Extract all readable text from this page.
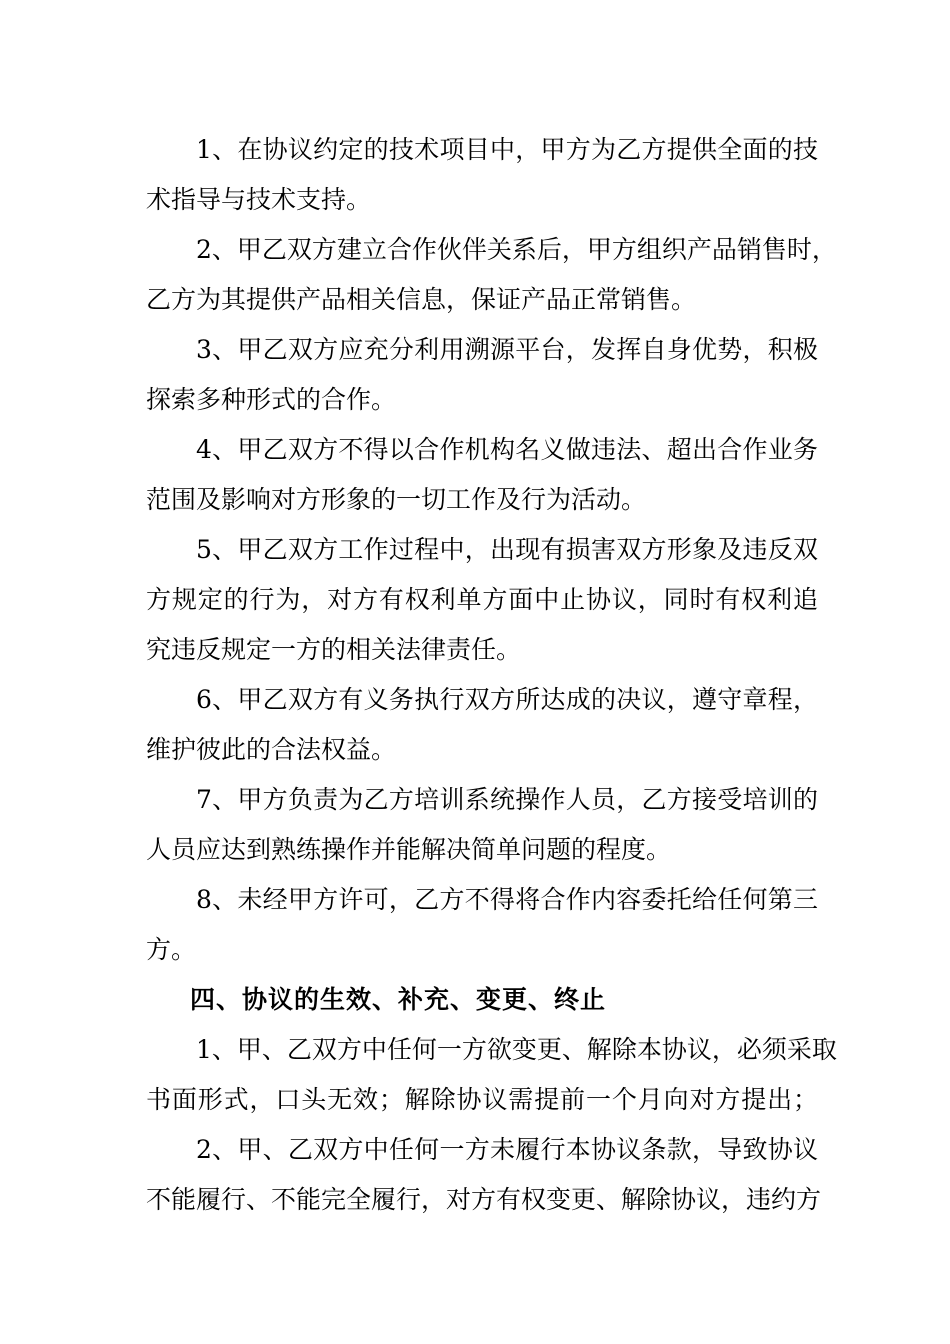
1、在协议约定的技术项目中，甲方为乙方提供全面的技
术指导与技术支持。
2、甲乙双方建立合作伙伴关系后，甲方组织产品销售时，
乙方为其提供产品相关信息，保证产品正常销售。
3、甲乙双方应充分利用溯源平台，发挥自身优势，积极
探索多种形式的合作。
4、甲乙双方不得以合作机构名义做违法、超出合作业务
范围及影响对方形象的一切工作及行为活动。
5、甲乙双方工作过程中，出现有损害双方形象及违反双
方规定的行为，对方有权利单方面中止协议，同时有权利追
究违反规定一方的相关法律责任。
6、甲乙双方有义务执行双方所达成的决议，遵守章程，
维护彼此的合法权益。
7、甲方负责为乙方培训系统操作人员，乙方接受培训的
人员应达到熟练操作并能解决简单问题的程度。
8、未经甲方许可，乙方不得将合作内容委托给任何第三
方。
四、协议的生效、补充、变更、终止
1、甲、乙双方中任何一方欲变更、解除本协议，必须采取
书面形式，口头无效；解除协议需提前一个月向对方提出；
2、甲、乙双方中任何一方未履行本协议条款，导致协议
不能履行、不能完全履行，对方有权变更、解除协议，违约方
